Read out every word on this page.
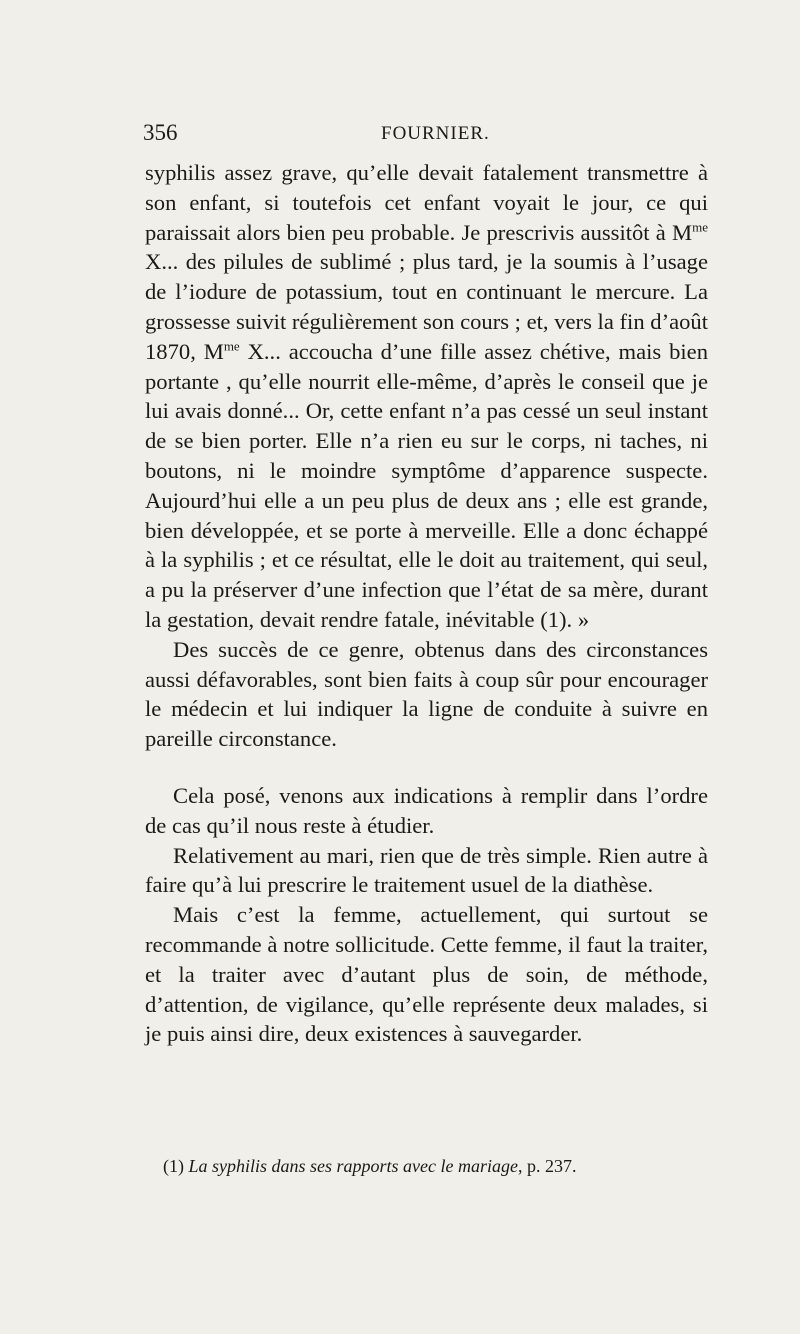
356	FOURNIER.

syphilis assez grave, qu’elle devait fatalement transmettre à son enfant, si toutefois cet enfant voyait le jour, ce qui paraissait alors bien peu probable. Je prescrivis aussitôt à $M^{me}$ X... des pilules de sublimé ; plus tard, je la soumis à l’usage de l’iodure de potassium, tout en continuant le mercure. La grossesse suivit régulièrement son cours ; et, vers la fin d’août 1870, $M^{me}$ X... accoucha d’une fille assez chétive, mais bien portante , qu’elle nourrit elle-même, d’après le conseil que je lui avais donné... Or, cette enfant n’a pas cessé un seul instant de se bien porter. Elle n’a rien eu sur le corps, ni taches, ni boutons, ni le moindre symptôme d’apparence suspecte. Aujourd’hui elle a un peu plus de deux ans ; elle est grande, bien développée, et se porte à merveille. Elle a donc échappé à la syphilis ; et ce résultat, elle le doit au traitement, qui seul, a pu la préserver d’une infection que l’état de sa mère, durant la gestation, devait rendre fatale, inévitable (1). »

Des succès de ce genre, obtenus dans des circonstances aussi défavorables, sont bien faits à coup sûr pour encourager le médecin et lui indiquer la ligne de conduite à suivre en pareille circonstance.

Cela posé, venons aux indications à remplir dans l’ordre de cas qu’il nous reste à étudier.

Relativement au mari, rien que de très simple. Rien autre à faire qu’à lui prescrire le traitement usuel de la diathèse.

Mais c’est la femme, actuellement, qui surtout se recommande à notre sollicitude. Cette femme, il faut la traiter, et la traiter avec d’autant plus de soin, de méthode, d’attention, de vigilance, qu’elle représente deux malades, si je puis ainsi dire, deux existences à sauvegarder.

(1) La syphilis dans ses rapports avec le mariage, p. 237.
